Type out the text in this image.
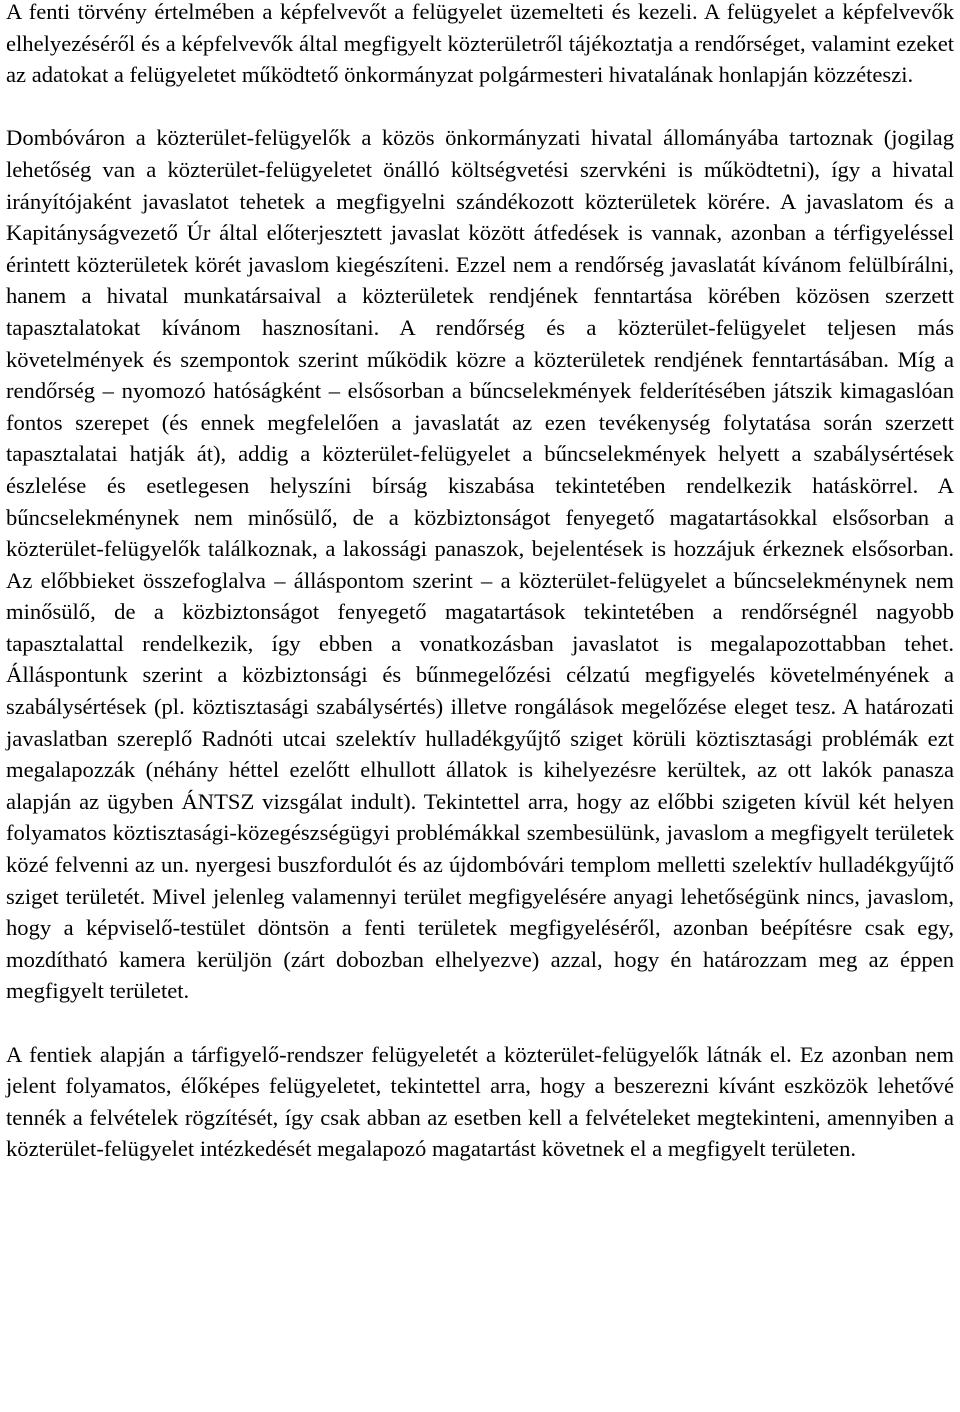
A fenti törvény értelmében a képfelvevőt a felügyelet üzemelteti és kezeli. A felügyelet a képfelvevők elhelyezéséről és a képfelvevők által megfigyelt közterületről tájékoztatja a rendőrséget, valamint ezeket az adatokat a felügyeletet működtető önkormányzat polgármesteri hivatalának honlapján közzéteszi.

Dombóváron a közterület-felügyelők a közös önkormányzati hivatal állományába tartoznak (jogilag lehetőség van a közterület-felügyeletet önálló költségvetési szervkéni is működtetni), így a hivatal irányítójaként javaslatot tehetek a megfigyelni szándékozott közterületek körére. A javaslatom és a Kapitányságvezető Úr által előterjesztett javaslat között átfedések is vannak, azonban a térfigyeléssel érintett közterületek körét javaslom kiegészíteni. Ezzel nem a rendőrség javaslatát kívánom felülbírálni, hanem a hivatal munkatársaival a közterületek rendjének fenntartása körében közösen szerzett tapasztalatokat kívánom hasznosítani. A rendőrség és a közterület-felügyelet teljesen más követelmények és szempontok szerint működik közre a közterületek rendjének fenntartásában. Míg a rendőrség – nyomozó hatóságként – elsősorban a bűncselekmények felderítésében játszik kimagaslóan fontos szerepet (és ennek megfelelően a javaslatát az ezen tevékenység folytatása során szerzett tapasztalatai hatják át), addig a közterület-felügyelet a bűncselekmények helyett a szabálysértések észlelése és esetlegesen helyszíni bírság kiszabása tekintetében rendelkezik hatáskörrel. A bűncselekménynek nem minősülő, de a közbiztonságot fenyegető magatartásokkal elsősorban a közterület-felügyelők találkoznak, a lakossági panaszok, bejelentések is hozzájuk érkeznek elsősorban. Az előbbieket összefoglalva – álláspontom szerint – a közterület-felügyelet a bűncselekménynek nem minősülő, de a közbiztonságot fenyegető magatartások tekintetében a rendőrségnél nagyobb tapasztalattal rendelkezik, így ebben a vonatkozásban javaslatot is megalapozottabban tehet. Álláspontunk szerint a közbiztonsági és bűnmegelőzési célzatú megfigyelés követelményének a szabálysértések (pl. köztisztasági szabálysértés) illetve rongálások megelőzése eleget tesz. A határozati javaslatban szereplő Radnóti utcai szelektív hulladékgyűjtő sziget körüli köztisztasági problémák ezt megalapozzák (néhány héttel ezelőtt elhullott állatok is kihelyezésre kerültek, az ott lakók panasza alapján az ügyben ÁNTSZ vizsgálat indult). Tekintettel arra, hogy az előbbi szigeten kívül két helyen folyamatos köztisztasági-közegészségügyi problémákkal szembesülünk, javaslom a megfigyelt területek közé felvenni az un. nyergesi buszfordulót és az újdombóvári templom melletti szelektív hulladékgyűjtő sziget területét. Mivel jelenleg valamennyi terület megfigyelésére anyagi lehetőségünk nincs, javaslom, hogy a képviselő-testület döntsön a fenti területek megfigyeléséről, azonban beépítésre csak egy, mozdítható kamera kerüljön (zárt dobozban elhelyezve) azzal, hogy én határozzam meg az éppen megfigyelt területet.

A fentiek alapján a tárfigyelő-rendszer felügyeletét a közterület-felügyelők látnák el. Ez azonban nem jelent folyamatos, élőképes felügyeletet, tekintettel arra, hogy a beszerezni kívánt eszközök lehetővé tennék a felvételek rögzítését, így csak abban az esetben kell a felvételeket megtekinteni, amennyiben a közterület-felügyelet intézkedését megalapozó magatartást követnek el a megfigyelt területen.
